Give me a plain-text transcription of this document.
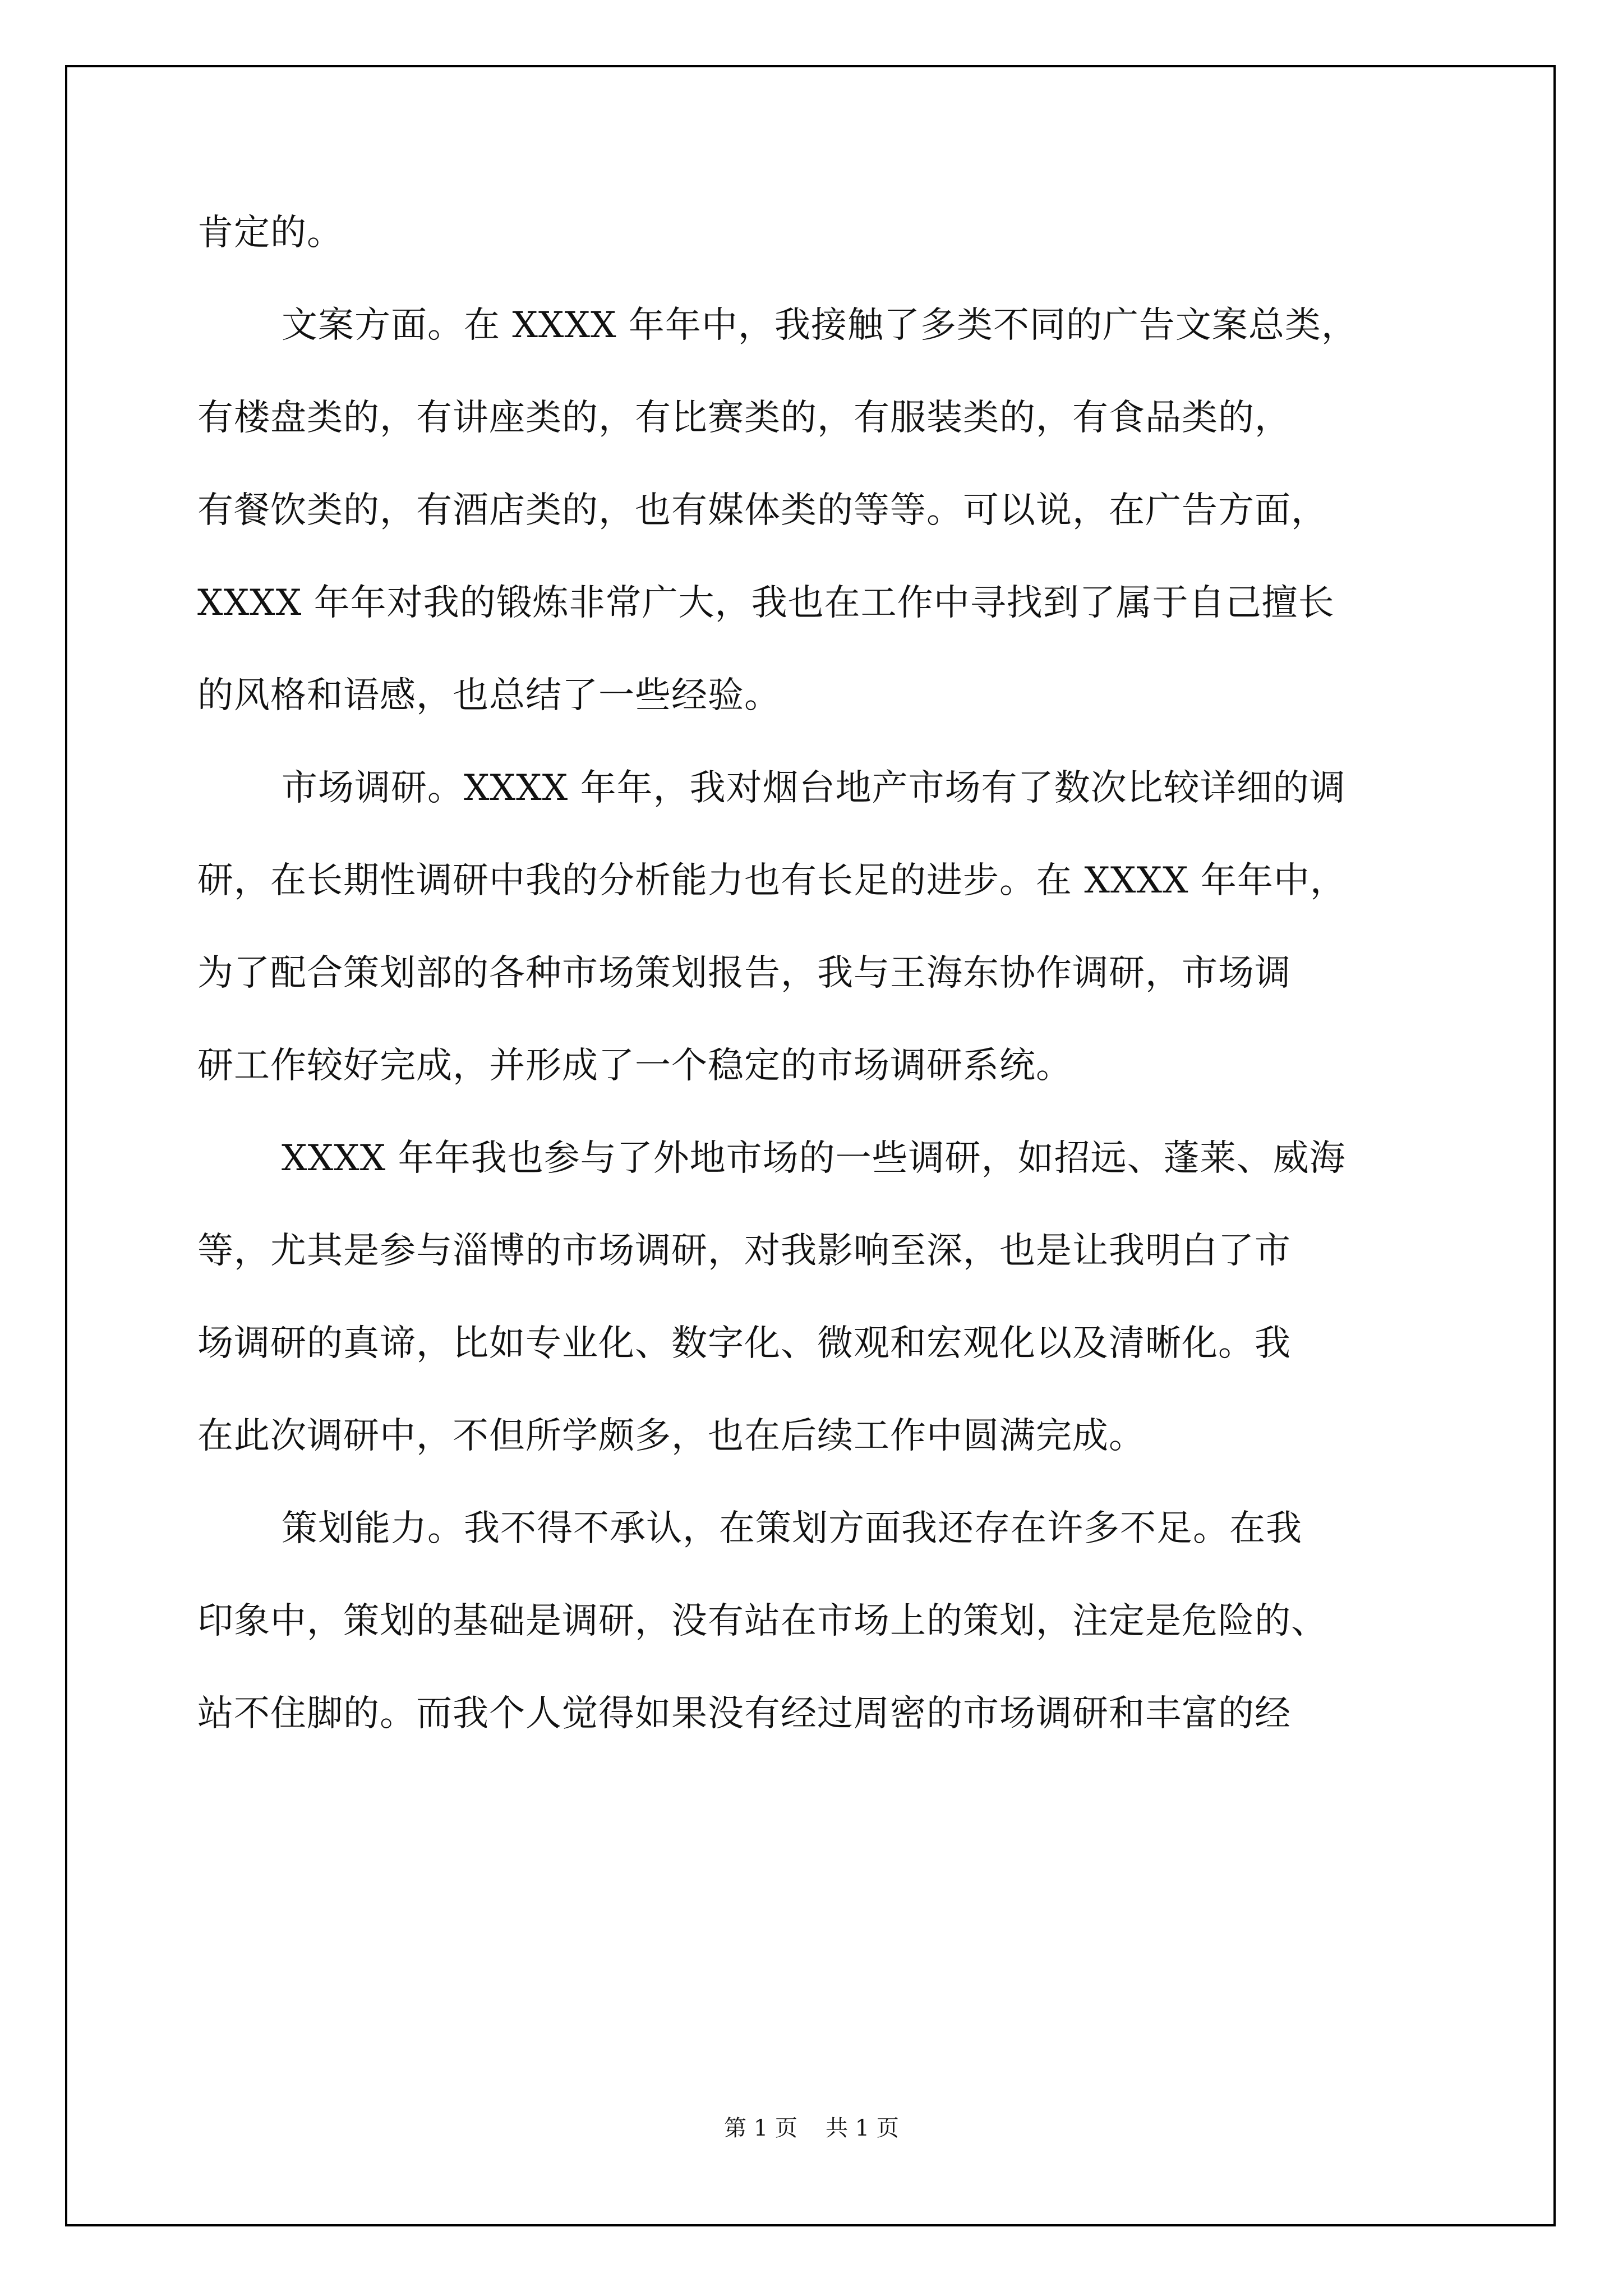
肯定的。
文案方面。在 XXXX 年年中，我接触了多类不同的广告文案总类，
有楼盘类的，有讲座类的，有比赛类的，有服装类的，有食品类的，
有餐饮类的，有酒店类的，也有媒体类的等等。可以说，在广告方面，
XXXX 年年对我的锻炼非常广大，我也在工作中寻找到了属于自己擅长
的风格和语感，也总结了一些经验。
市场调研。XXXX 年年，我对烟台地产市场有了数次比较详细的调
研，在长期性调研中我的分析能力也有长足的进步。在 XXXX 年年中，
为了配合策划部的各种市场策划报告，我与王海东协作调研，市场调
研工作较好完成，并形成了一个稳定的市场调研系统。
XXXX 年年我也参与了外地市场的一些调研，如招远、蓬莱、威海
等，尤其是参与淄博的市场调研，对我影响至深，也是让我明白了市
场调研的真谛，比如专业化、数字化、微观和宏观化以及清晰化。我
在此次调研中，不但所学颇多，也在后续工作中圆满完成。
策划能力。我不得不承认，在策划方面我还存在许多不足。在我
印象中，策划的基础是调研，没有站在市场上的策划，注定是危险的、
站不住脚的。而我个人觉得如果没有经过周密的市场调研和丰富的经
第 1 页 共 1 页
